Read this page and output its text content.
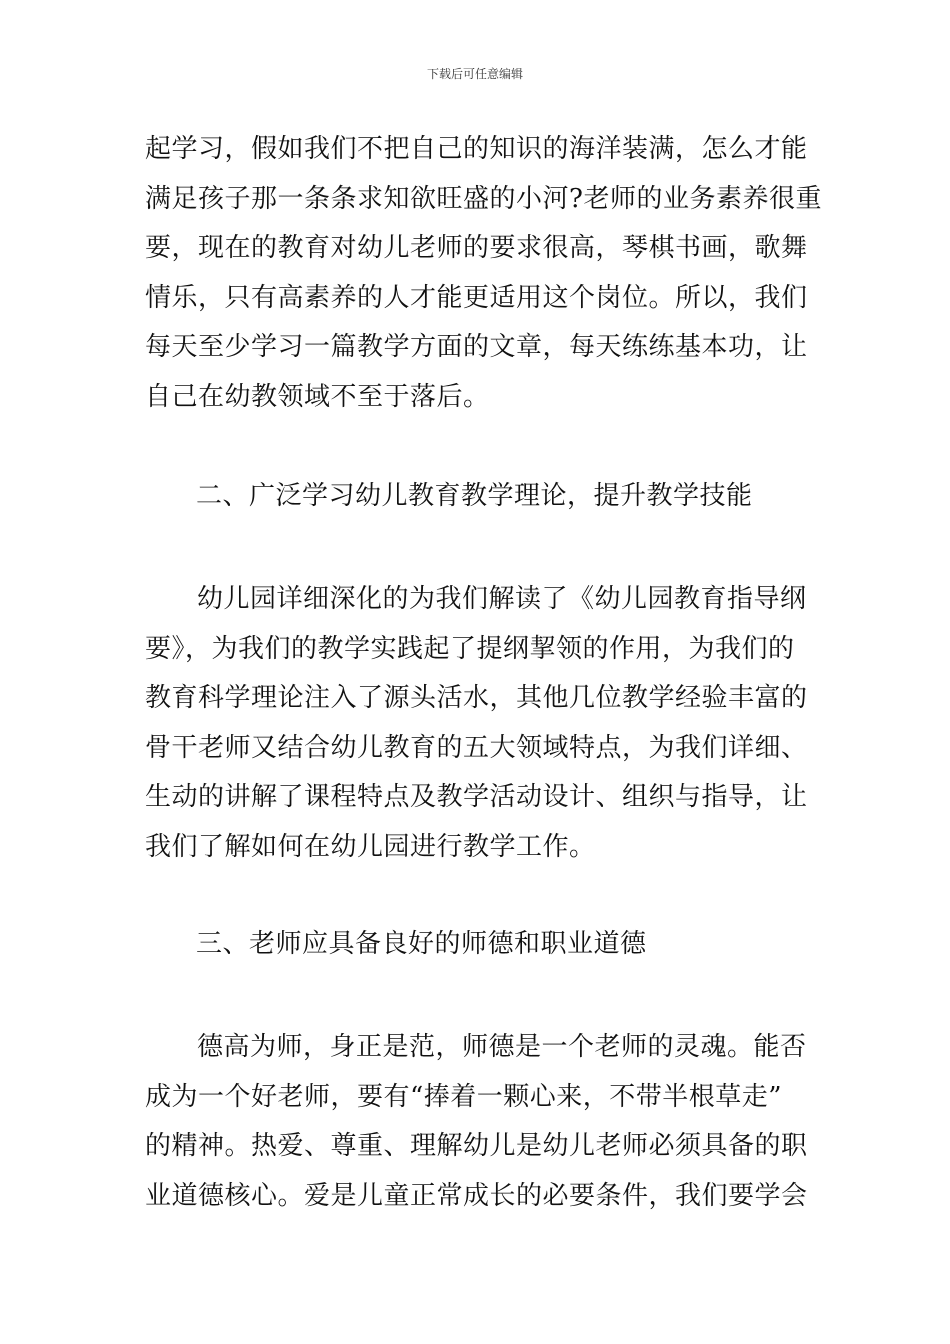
下载后可任意编辑
起学习，假如我们不把自己的知识的海洋装满，怎么才能
满足孩子那一条条求知欲旺盛的小河?老师的业务素养很重
要，现在的教育对幼儿老师的要求很高，琴棋书画，歌舞
情乐，只有高素养的人才能更适用这个岗位。所以，我们
每天至少学习一篇教学方面的文章，每天练练基本功，让
自己在幼教领域不至于落后。
二、广泛学习幼儿教育教学理论，提升教学技能
幼儿园详细深化的为我们解读了《幼儿园教育指导纲
要》，为我们的教学实践起了提纲挈领的作用，为我们的
教育科学理论注入了源头活水，其他几位教学经验丰富的
骨干老师又结合幼儿教育的五大领域特点，为我们详细、
生动的讲解了课程特点及教学活动设计、组织与指导，让
我们了解如何在幼儿园进行教学工作。
三、老师应具备良好的师德和职业道德
德高为师，身正是范，师德是一个老师的灵魂。能否
成为一个好老师，要有“捧着一颗心来，不带半根草走”
的精神。热爱、尊重、理解幼儿是幼儿老师必须具备的职
业道德核心。爱是儿童正常成长的必要条件，我们要学会
